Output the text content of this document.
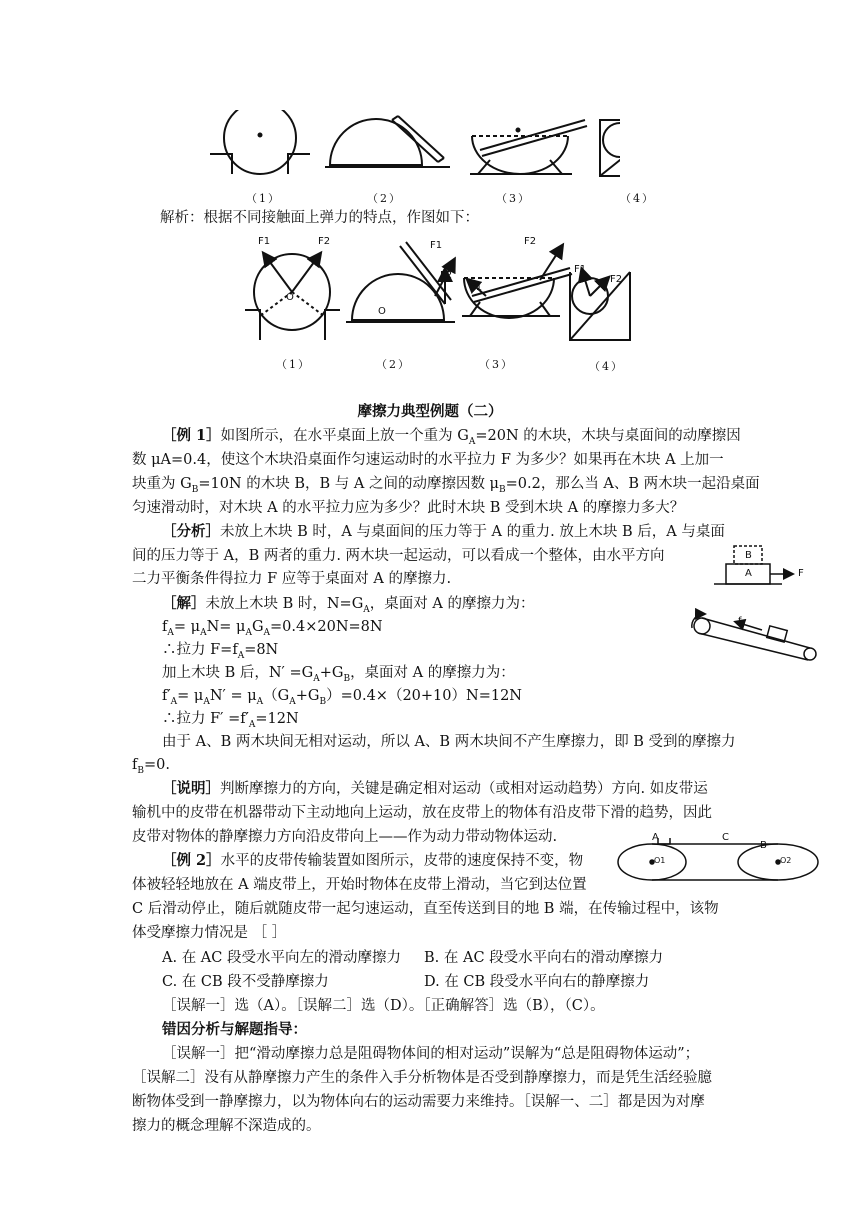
（1）	（2）	（3）	（4）
解析：根据不同接触面上弹力的特点，作图如下：
F1	F2
O
F1
F2
O
F1
F2
F1
F2
（1）	（2）	（3）	（4）
摩擦力典型例题（二）
［例 1］如图所示，在水平桌面上放一个重为 $G_A=20N$ 的木块，木块与桌面间的动摩擦因
数 μA=0.4，使这个木块沿桌面作匀速运动时的水平拉力 F 为多少？如果再在木块 A 上加一
块重为 $G_B=10N$ 的木块 B，B 与 A 之间的动摩擦因数 $\mu_B=0.2$，那么当 A、B 两木块一起沿桌面
匀速滑动时，对木块 A 的水平拉力应为多少？此时木块 B 受到木块 A 的摩擦力多大？
［分析］未放上木块 B 时，A 与桌面间的压力等于 A 的重力. 放上木块 B 后，A 与桌面
间的压力等于 A，B 两者的重力. 两木块一起运动，可以看成一个整体，由水平方向
二力平衡条件得拉力 F 应等于桌面对 A 的摩擦力.
B
A	F
f
［解］未放上木块 B 时，$N=G_A$，桌面对 A 的摩擦力为：
$f_A= \mu_AN= \mu_AG_A=0.4\times 20N=8N$
∴拉力 $F=f_A=8N$
加上木块 B 后，$N' =G_A+G_B$，桌面对 A 的摩擦力为：
$f'_A= \mu_AN' = \mu_A(G_A+G_B)=0.4\times(20+10)N=12N$
∴拉力 $F' =f'_A=12N$
由于 A、B 两木块间无相对运动，所以 A、B 两木块间不产生摩擦力，即 B 受到的摩擦力
$f_B=0$.
［说明］判断摩擦力的方向，关键是确定相对运动（或相对运动趋势）方向. 如皮带运
输机中的皮带在机器带动下主动地向上运动，放在皮带上的物体有沿皮带下滑的趋势，因此
皮带对物体的静摩擦力方向沿皮带向上——作为动力带动物体运动.
［例 2］水平的皮带传输装置如图所示，皮带的速度保持不变，物
体被轻轻地放在 A 端皮带上，开始时物体在皮带上滑动，当它到达位置
C 后滑动停止，随后就随皮带一起匀速运动，直至传送到目的地 B 端，在传输过程中，该物
体受摩擦力情况是 ［ ］
A	C
B
O1	O2
A. 在 AC 段受水平向左的滑动摩擦力 B. 在 AC 段受水平向右的滑动摩擦力
C. 在 CB 段不受静摩擦力	D. 在 CB 段受水平向右的静摩擦力
［误解一］选（A）。［误解二］选（D）。［正确解答］选（B），（C）。
错因分析与解题指导：
［误解一］把“滑动摩擦力总是阻碍物体间的相对运动”误解为“总是阻碍物体运动”；
［误解二］没有从静摩擦力产生的条件入手分析物体是否受到静摩擦力，而是凭生活经验臆
断物体受到一静摩擦力，以为物体向右的运动需要力来维持。［误解一、二］都是因为对摩
擦力的概念理解不深造成的。
